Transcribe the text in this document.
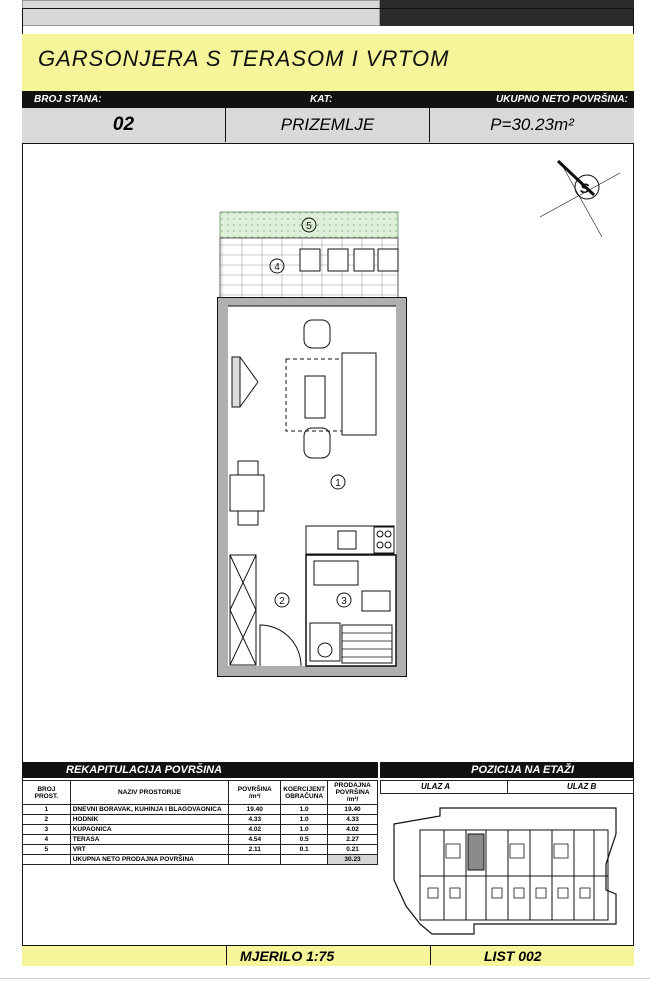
GARSONJERA S TERASOM I VRTOM
BROJ STANA:	KAT:	UKUPNO NETO POVRŠINA:
02	PRIZEMLJE	P=30.23m²
S
1
2	3
4
5
REKAPITULACIJA POVRŠINA	POZICIJA NA ETAŽI
BROJ PROST.	NAZIV PROSTORIJE	POVRŠINA /m²/	KOERCIJENT OBRAČUNA	PRODAJNA POVRŠINA /m²/
1	DNEVNI BORAVAK, KUHINJA I BLAGOVAONICA	19.40	1.0	19.40
2	HODNIK	4.33	1.0	4.33
3	KUPAONICA	4.02	1.0	4.02
4	TERASA	4.54	0.5	2.27
5	VRT	2.11	0.1	0.21
	UKUPNA NETO PRODAJNA POVRŠINA			30.23
ULAZ A	ULAZ B
MJERILO 1:75	LIST 002
